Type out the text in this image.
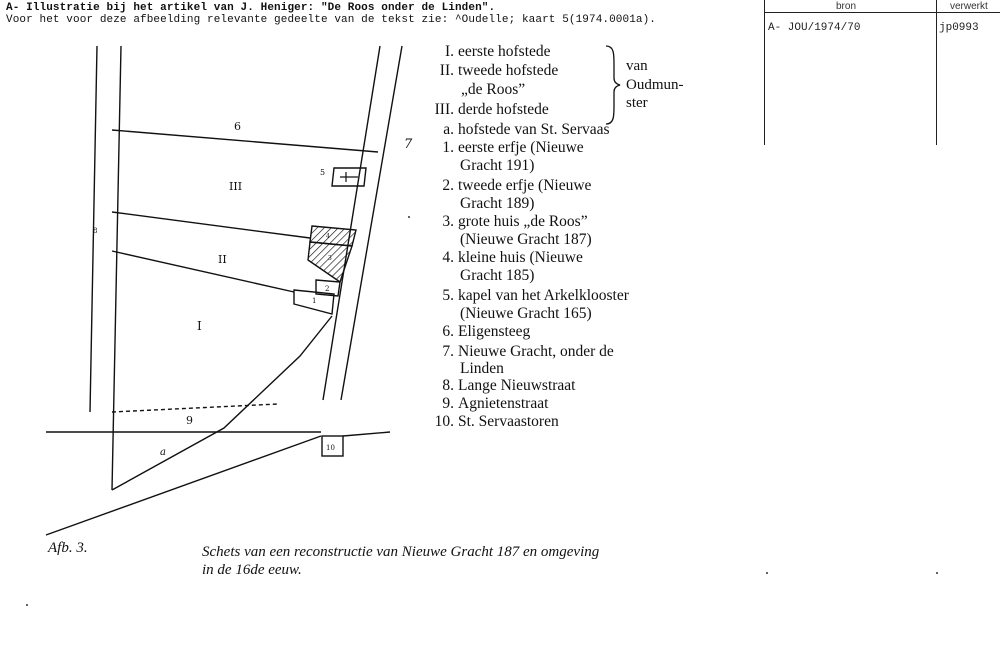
A- Illustratie bij het artikel van J. Heniger: "De Roos onder de Linden".
Voor het voor deze afbeelding relevante gedeelte van de tekst zie: ^Oudelle; kaart 5(1974.0001a).
bron	verwerkt
A- JOU/1974/70	jp0993
6
7
8
9
10
5
4
3
2
1
III
II
I
a
I. eerste hofstede
II. tweede hofstede
„de Roos”
III. derde hofstede
a. hofstede van St. Servaas
1. eerste erfje (Nieuwe
Gracht 191)
2. tweede erfje (Nieuwe
Gracht 189)
3. grote huis „de Roos”
(Nieuwe Gracht 187)
4. kleine huis (Nieuwe
Gracht 185)
5. kapel van het Arkelklooster
(Nieuwe Gracht 165)
6. Eligensteeg
7. Nieuwe Gracht, onder de
Linden
8. Lange Nieuwstraat
9. Agnietenstraat
10. St. Servaastoren
van
Oudmun-
ster
Afb. 3.	Schets van een reconstructie van Nieuwe Gracht 187 en omgeving
in de 16de eeuw.
